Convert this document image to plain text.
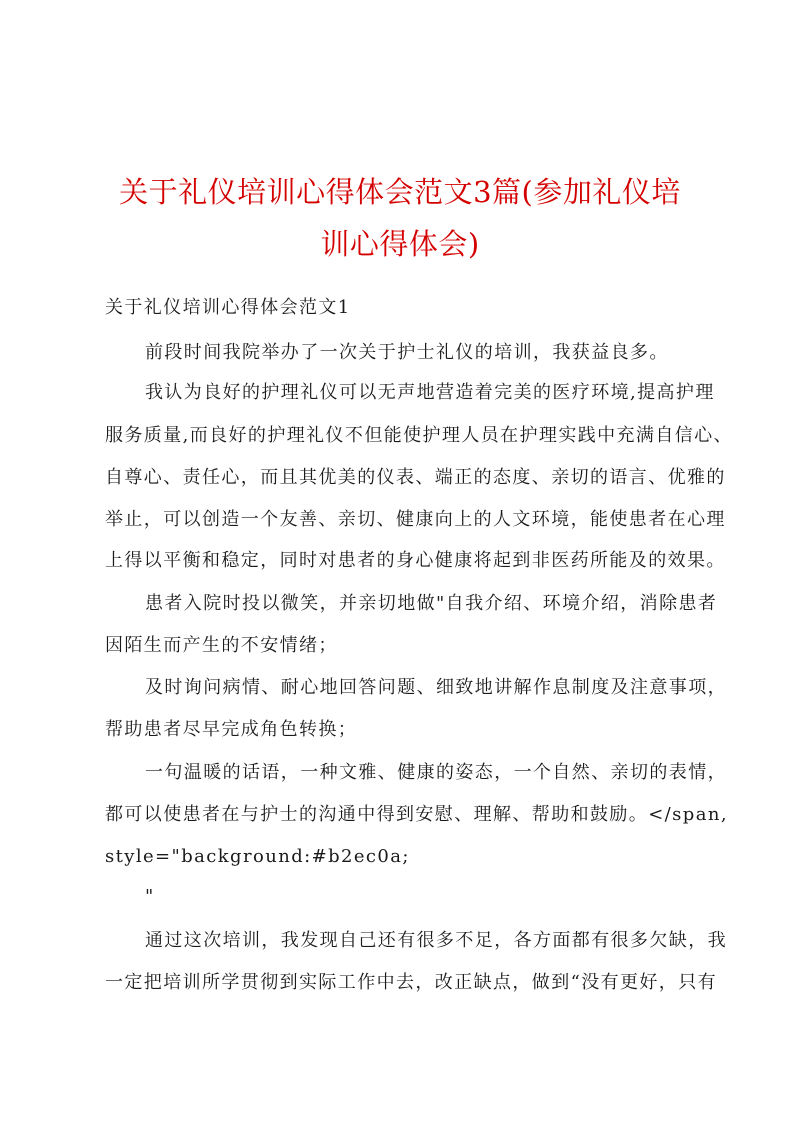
关于礼仪培训心得体会范文3篇(参加礼仪培
训心得体会)

关于礼仪培训心得体会范文1

前段时间我院举办了一次关于护士礼仪的培训，我获益良多。

我认为良好的护理礼仪可以无声地营造着完美的医疗环境,提高护理

服务质量,而良好的护理礼仪不但能使护理人员在护理实践中充满自信心、

自尊心、责任心，而且其优美的仪表、端正的态度、亲切的语言、优雅的

举止，可以创造一个友善、亲切、健康向上的人文环境，能使患者在心理

上得以平衡和稳定，同时对患者的身心健康将起到非医药所能及的效果。

患者入院时投以微笑，并亲切地做"自我介绍、环境介绍，消除患者

因陌生而产生的不安情绪；

及时询问病情、耐心地回答问题、细致地讲解作息制度及注意事项，

帮助患者尽早完成角色转换；

一句温暖的话语，一种文雅、健康的姿态，一个自然、亲切的表情，

都可以使患者在与护士的沟通中得到安慰、理解、帮助和鼓励。</span,

style="background:#b2ec0a;

"

通过这次培训，我发现自己还有很多不足，各方面都有很多欠缺，我

一定把培训所学贯彻到实际工作中去，改正缺点，做到“没有更好，只有
